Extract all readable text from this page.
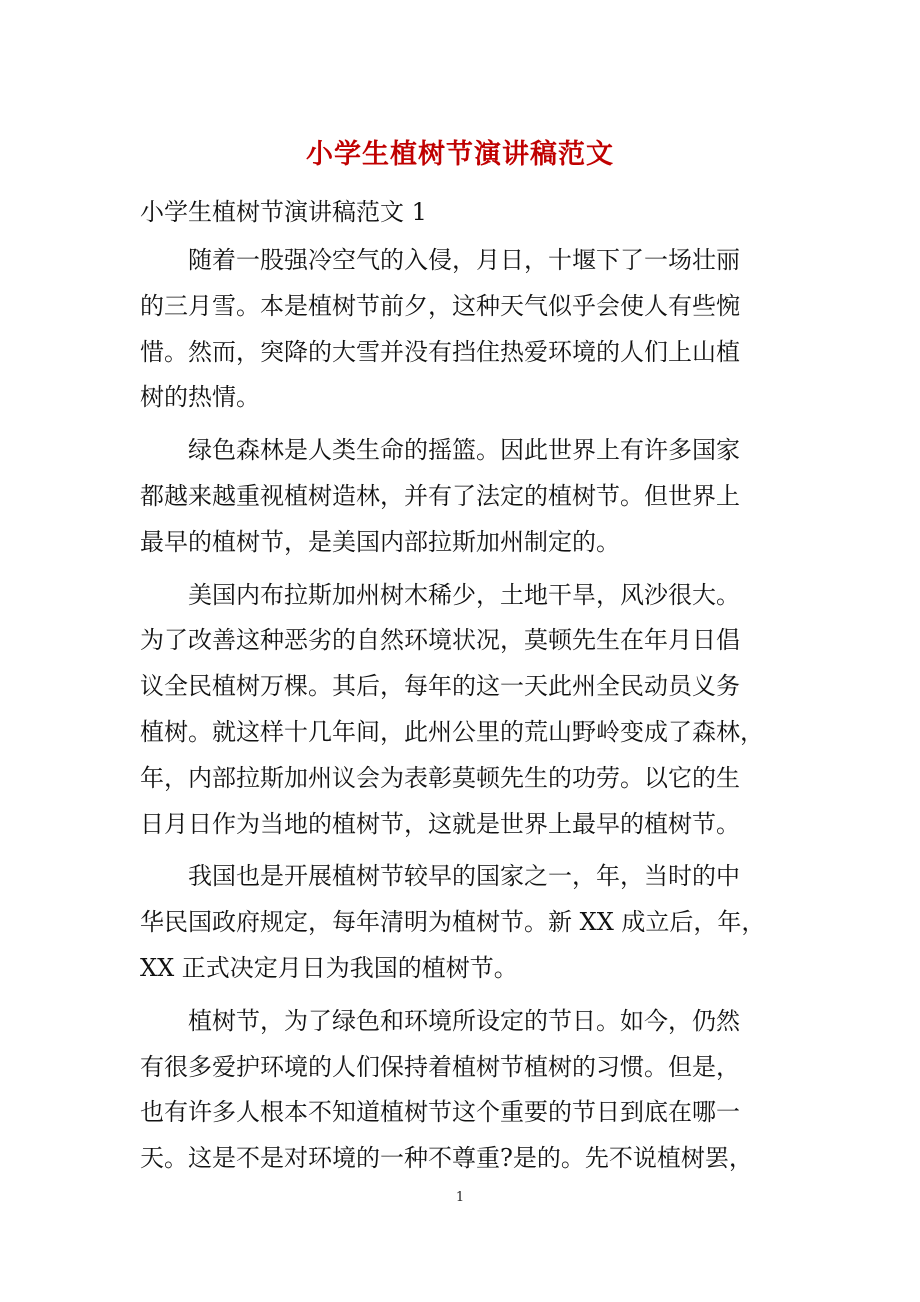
小学生植树节演讲稿范文

小学生植树节演讲稿范文 1

随着一股强冷空气的入侵，月日，十堰下了一场壮丽
的三月雪。本是植树节前夕，这种天气似乎会使人有些惋
惜。然而，突降的大雪并没有挡住热爱环境的人们上山植
树的热情。

绿色森林是人类生命的摇篮。因此世界上有许多国家
都越来越重视植树造林，并有了法定的植树节。但世界上
最早的植树节，是美国内部拉斯加州制定的。

美国内布拉斯加州树木稀少，土地干旱，风沙很大。
为了改善这种恶劣的自然环境状况，莫顿先生在年月日倡
议全民植树万棵。其后，每年的这一天此州全民动员义务
植树。就这样十几年间，此州公里的荒山野岭变成了森林，
年，内部拉斯加州议会为表彰莫顿先生的功劳。以它的生
日月日作为当地的植树节，这就是世界上最早的植树节。

我国也是开展植树节较早的国家之一，年，当时的中
华民国政府规定，每年清明为植树节。新 XX 成立后，年，
XX 正式决定月日为我国的植树节。

植树节，为了绿色和环境所设定的节日。如今，仍然
有很多爱护环境的人们保持着植树节植树的习惯。但是，
也有许多人根本不知道植树节这个重要的节日到底在哪一
天。这是不是对环境的一种不尊重?是的。先不说植树罢，

1
